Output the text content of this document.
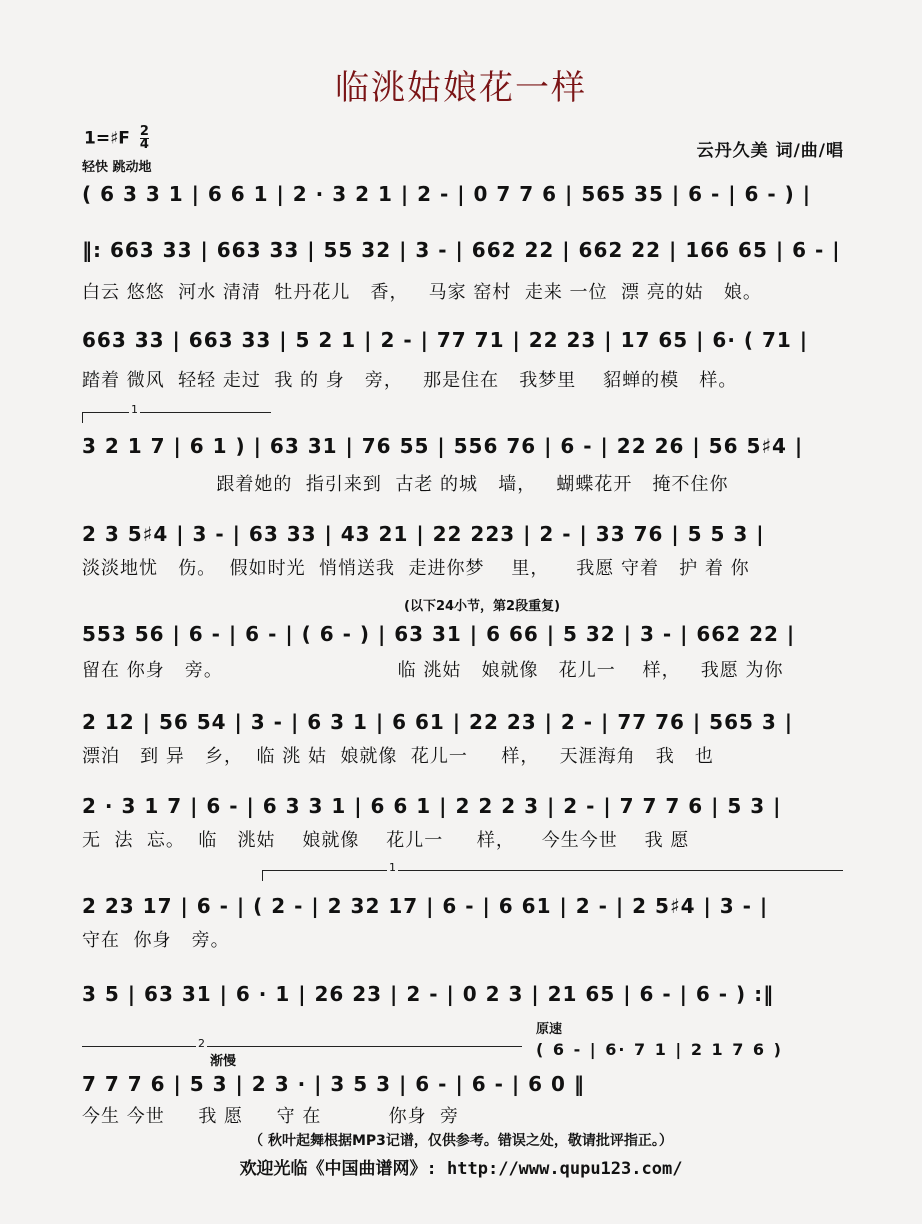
临洮姑娘花一样
1=♯F $\frac{2}{4}$
轻快 跳动地
云丹久美 词/曲/唱
( 6 3 3 1 | 6 6 1 | 2 · 3 2 1 | 2 - | 0 7 7 6 | 565 35 | 6 - | 6 - ) |
‖: 663 33 | 663 33 | 55 32 | 3 - | 662 22 | 662 22 | 166 65 | 6 - |
白云 悠悠  河水 清清  牡丹花儿   香，   马家 窑村  走来 一位  漂 亮的姑   娘。
663 33 | 663 33 | 5 2 1 | 2 - | 77 71 | 22 23 | 17 65 | 6· ( 71 |
踏着 微风  轻轻 走过  我 的 身   旁，   那是住在   我梦里    貂蝉的模   样。
1
3 2 1 7 | 6 1 ) | 63 31 | 76 55 | 556 76 | 6 - | 22 26 | 56 5♯4 |
跟着她的  指引来到  古老 的城   墙，   蝴蝶花开   掩不住你
2 3 5♯4 | 3 - | 63 33 | 43 21 | 22 223 | 2 - | 33 76 | 5 5 3 |
淡淡地忧   伤。  假如时光  悄悄送我  走进你梦    里，    我愿 守着   护 着 你
(以下24小节，第2段重复)
553 56 | 6 - | 6 - | ( 6 - ) | 63 31 | 6 66 | 5 32 | 3 - | 662 22 |
留在 你身   旁。                          临 洮姑   娘就像   花儿一    样，   我愿 为你
2 12 | 56 54 | 3 - | 6 3 1 | 6 61 | 22 23 | 2 - | 77 76 | 565 3 |
漂泊   到 异   乡，  临 洮 姑  娘就像  花儿一     样，   天涯海角   我   也
2 · 3 1 7 | 6 - | 6 3 3 1 | 6 6 1 | 2 2 2 3 | 2 - | 7 7 7 6 | 5 3 |
无  法  忘。  临   洮姑    娘就像    花儿一     样，    今生今世    我 愿
1
2 23 17 | 6 - | ( 2 - | 2 32 17 | 6 - | 6 61 | 2 - | 2 5♯4 | 3 - |
守在  你身   旁。
3 5 | 63 31 | 6 · 1 | 26 23 | 2 - | 0 2 3 | 21 65 | 6 - | 6 - ) :‖
原速
2
渐慢
( 6 - | 6· 7 1 | 2 1 7 6 )
7 7 7 6 | 5 3 | 2 3 · | 3 5 3 | 6 - | 6 - | 6 0 ‖
今生 今世     我 愿     守 在          你身  旁
（ 秋叶起舞根据MP3记谱，仅供参考。错误之处，敬请批评指正。）
欢迎光临《中国曲谱网》: http://www.qupu123.com/
